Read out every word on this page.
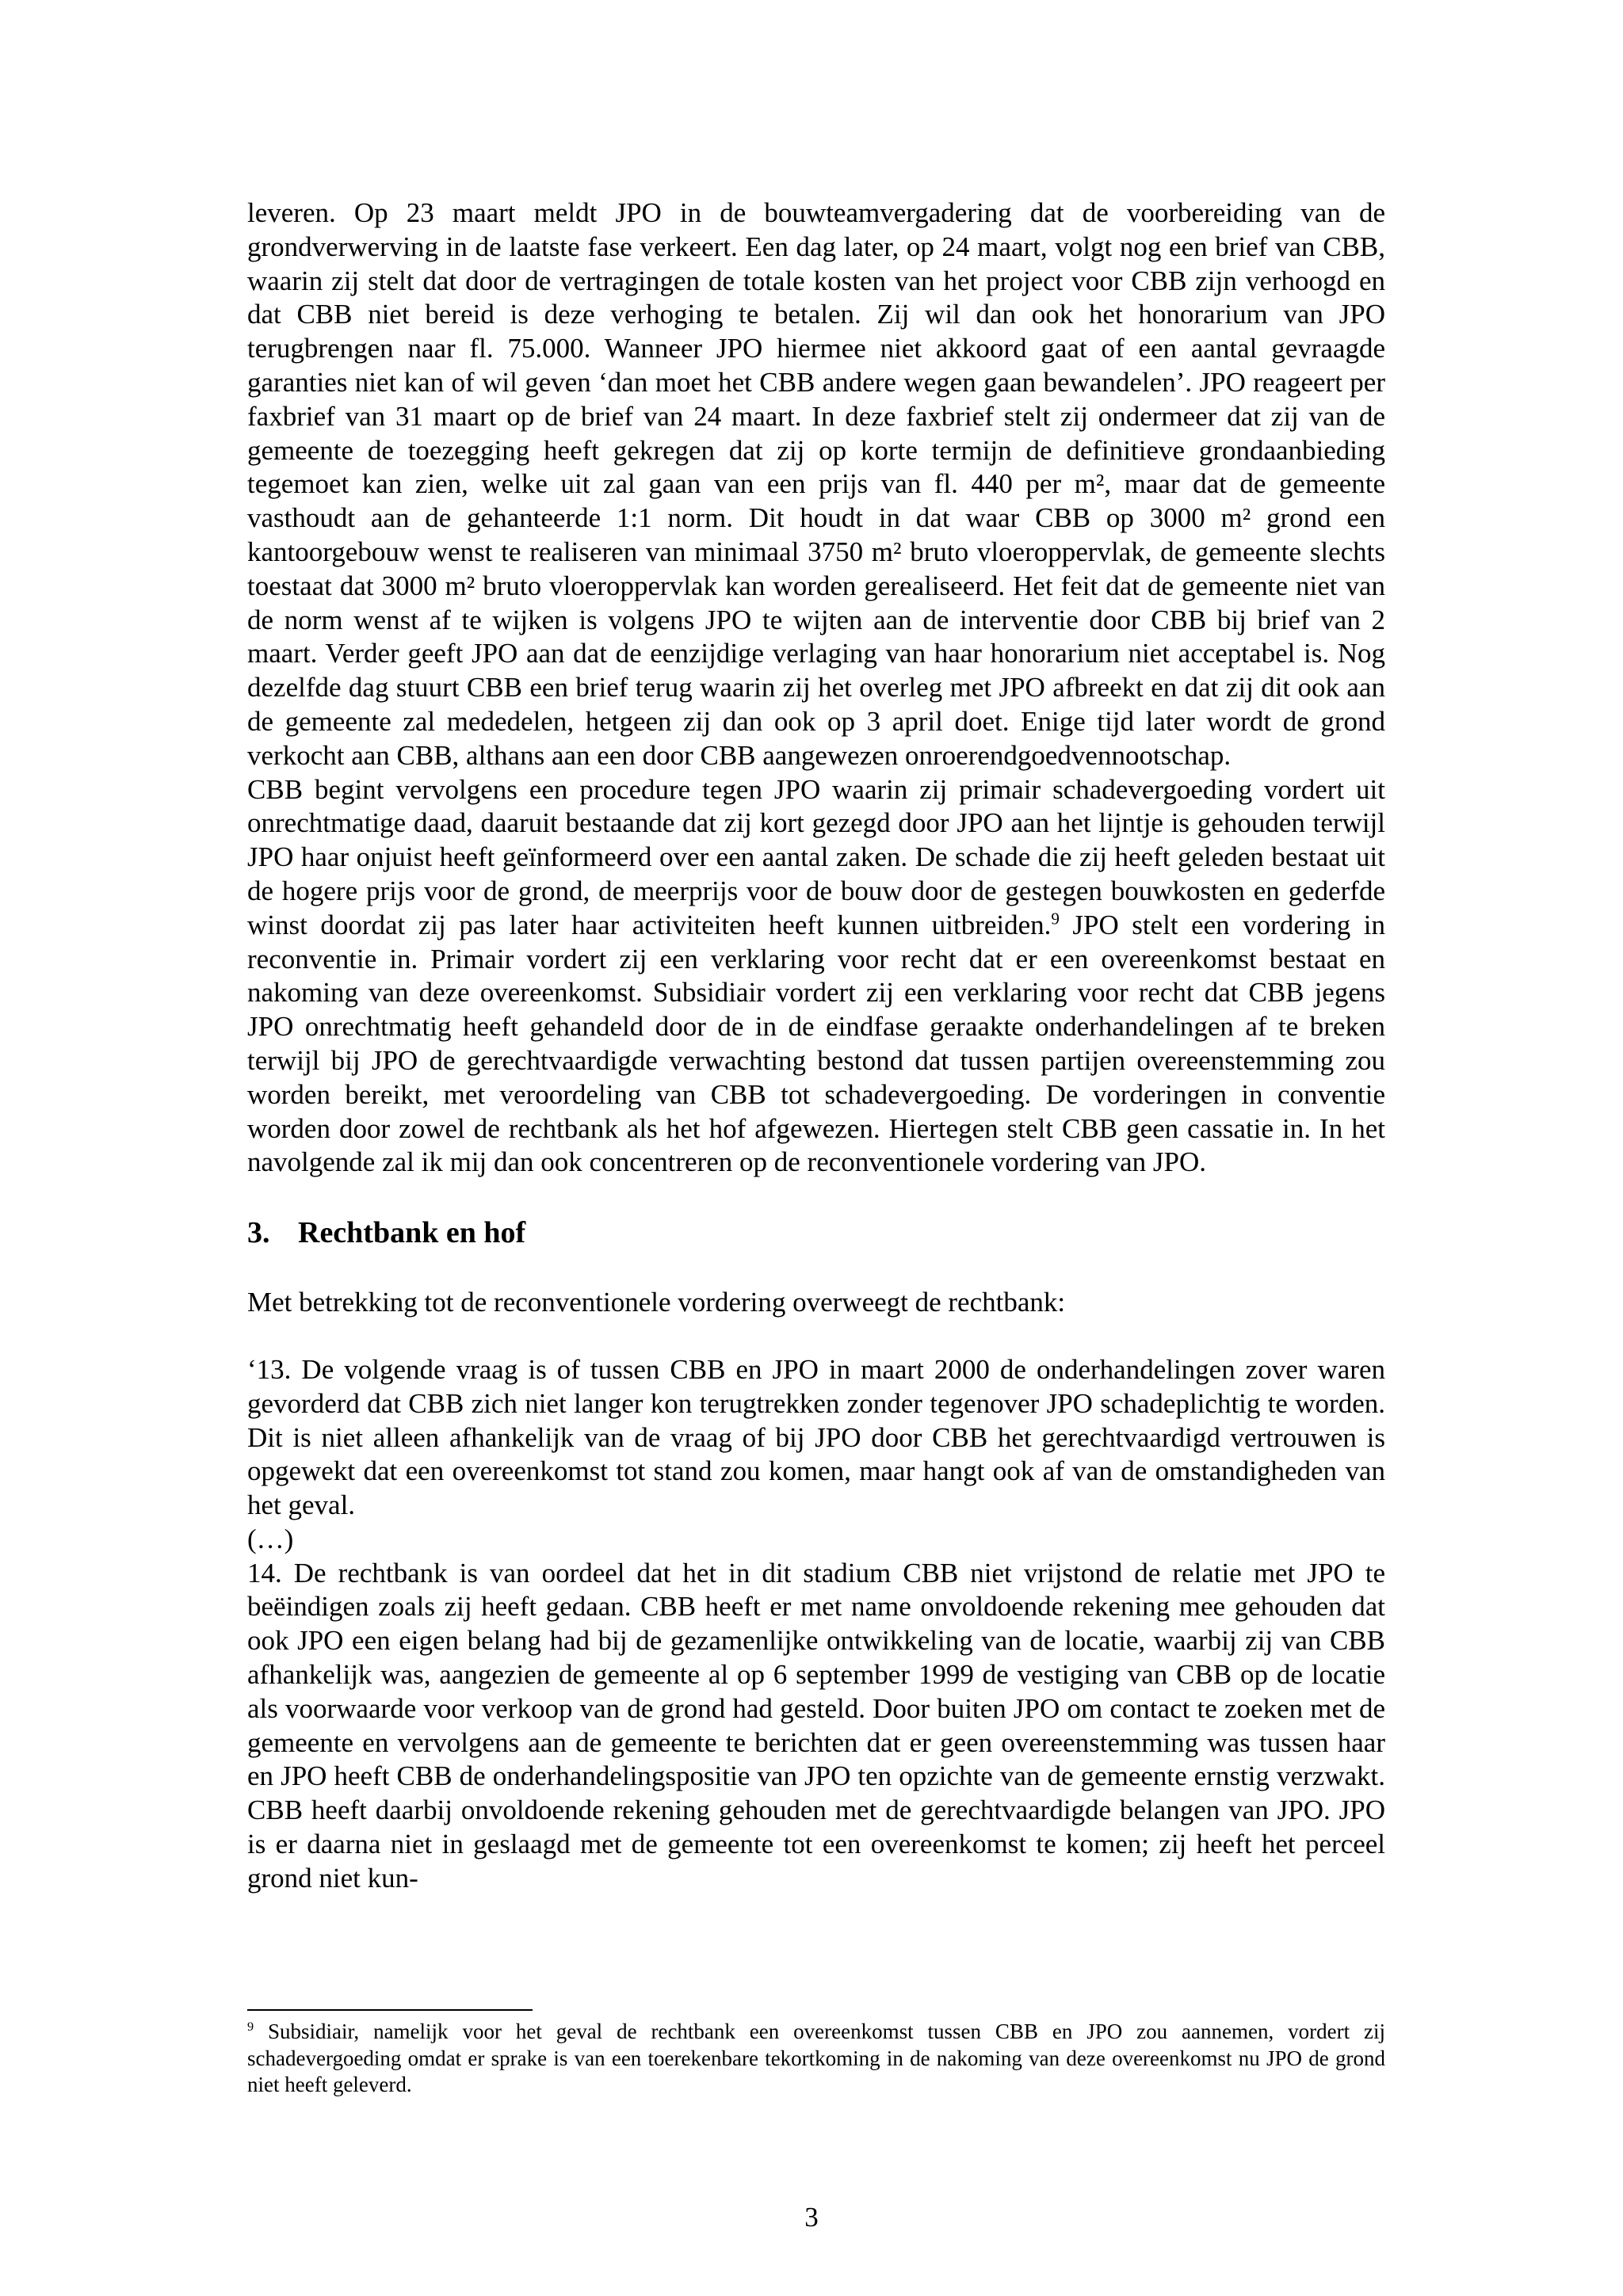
leveren. Op 23 maart meldt JPO in de bouwteamvergadering dat de voorbereiding van de grondverwerving in de laatste fase verkeert. Een dag later, op 24 maart, volgt nog een brief van CBB, waarin zij stelt dat door de vertragingen de totale kosten van het project voor CBB zijn verhoogd en dat CBB niet bereid is deze verhoging te betalen. Zij wil dan ook het honorarium van JPO terugbrengen naar fl. 75.000. Wanneer JPO hiermee niet akkoord gaat of een aantal gevraagde garanties niet kan of wil geven ‘dan moet het CBB andere wegen gaan bewandelen’. JPO reageert per faxbrief van 31 maart op de brief van 24 maart. In deze faxbrief stelt zij ondermeer dat zij van de gemeente de toezegging heeft gekregen dat zij op korte termijn de definitieve grondaanbieding tegemoet kan zien, welke uit zal gaan van een prijs van fl. 440 per m², maar dat de gemeente vasthoudt aan de gehanteerde 1:1 norm. Dit houdt in dat waar CBB op 3000 m² grond een kantoorgebouw wenst te realiseren van minimaal 3750 m² bruto vloeroppervlak, de gemeente slechts toestaat dat 3000 m² bruto vloeroppervlak kan worden gerealiseerd. Het feit dat de gemeente niet van de norm wenst af te wijken is volgens JPO te wijten aan de interventie door CBB bij brief van 2 maart. Verder geeft JPO aan dat de eenzijdige verlaging van haar honorarium niet acceptabel is. Nog dezelfde dag stuurt CBB een brief terug waarin zij het overleg met JPO afbreekt en dat zij dit ook aan de gemeente zal mededelen, hetgeen zij dan ook op 3 april doet. Enige tijd later wordt de grond verkocht aan CBB, althans aan een door CBB aangewezen onroerendgoedvennootschap.

CBB begint vervolgens een procedure tegen JPO waarin zij primair schadevergoeding vordert uit onrechtmatige daad, daaruit bestaande dat zij kort gezegd door JPO aan het lijntje is gehouden terwijl JPO haar onjuist heeft geïnformeerd over een aantal zaken. De schade die zij heeft geleden bestaat uit de hogere prijs voor de grond, de meerprijs voor de bouw door de gestegen bouwkosten en gederfde winst doordat zij pas later haar activiteiten heeft kunnen uitbreiden.$^9$ JPO stelt een vordering in reconventie in. Primair vordert zij een verklaring voor recht dat er een overeenkomst bestaat en nakoming van deze overeenkomst. Subsidiair vordert zij een verklaring voor recht dat CBB jegens JPO onrechtmatig heeft gehandeld door de in de eindfase geraakte onderhandelingen af te breken terwijl bij JPO de gerechtvaardigde verwachting bestond dat tussen partijen overeenstemming zou worden bereikt, met veroordeling van CBB tot schadevergoeding. De vorderingen in conventie worden door zowel de rechtbank als het hof afgewezen. Hiertegen stelt CBB geen cassatie in. In het navolgende zal ik mij dan ook concentreren op de reconventionele vordering van JPO.

3. Rechtbank en hof

Met betrekking tot de reconventionele vordering overweegt de rechtbank:

‘13. De volgende vraag is of tussen CBB en JPO in maart 2000 de onderhandelingen zover waren gevorderd dat CBB zich niet langer kon terugtrekken zonder tegenover JPO schadeplichtig te worden. Dit is niet alleen afhankelijk van de vraag of bij JPO door CBB het gerechtvaardigd vertrouwen is opgewekt dat een overeenkomst tot stand zou komen, maar hangt ook af van de omstandigheden van het geval.

(…)

14. De rechtbank is van oordeel dat het in dit stadium CBB niet vrijstond de relatie met JPO te beëindigen zoals zij heeft gedaan. CBB heeft er met name onvoldoende rekening mee gehouden dat ook JPO een eigen belang had bij de gezamenlijke ontwikkeling van de locatie, waarbij zij van CBB afhankelijk was, aangezien de gemeente al op 6 september 1999 de vestiging van CBB op de locatie als voorwaarde voor verkoop van de grond had gesteld. Door buiten JPO om contact te zoeken met de gemeente en vervolgens aan de gemeente te berichten dat er geen overeenstemming was tussen haar en JPO heeft CBB de onderhandelingspositie van JPO ten opzichte van de gemeente ernstig verzwakt. CBB heeft daarbij onvoldoende rekening gehouden met de gerechtvaardigde belangen van JPO. JPO is er daarna niet in geslaagd met de gemeente tot een overeenkomst te komen; zij heeft het perceel grond niet kun-

$^9$ Subsidiair, namelijk voor het geval de rechtbank een overeenkomst tussen CBB en JPO zou aannemen, vordert zij schadevergoeding omdat er sprake is van een toerekenbare tekortkoming in de nakoming van deze overeenkomst nu JPO de grond niet heeft geleverd.
3
